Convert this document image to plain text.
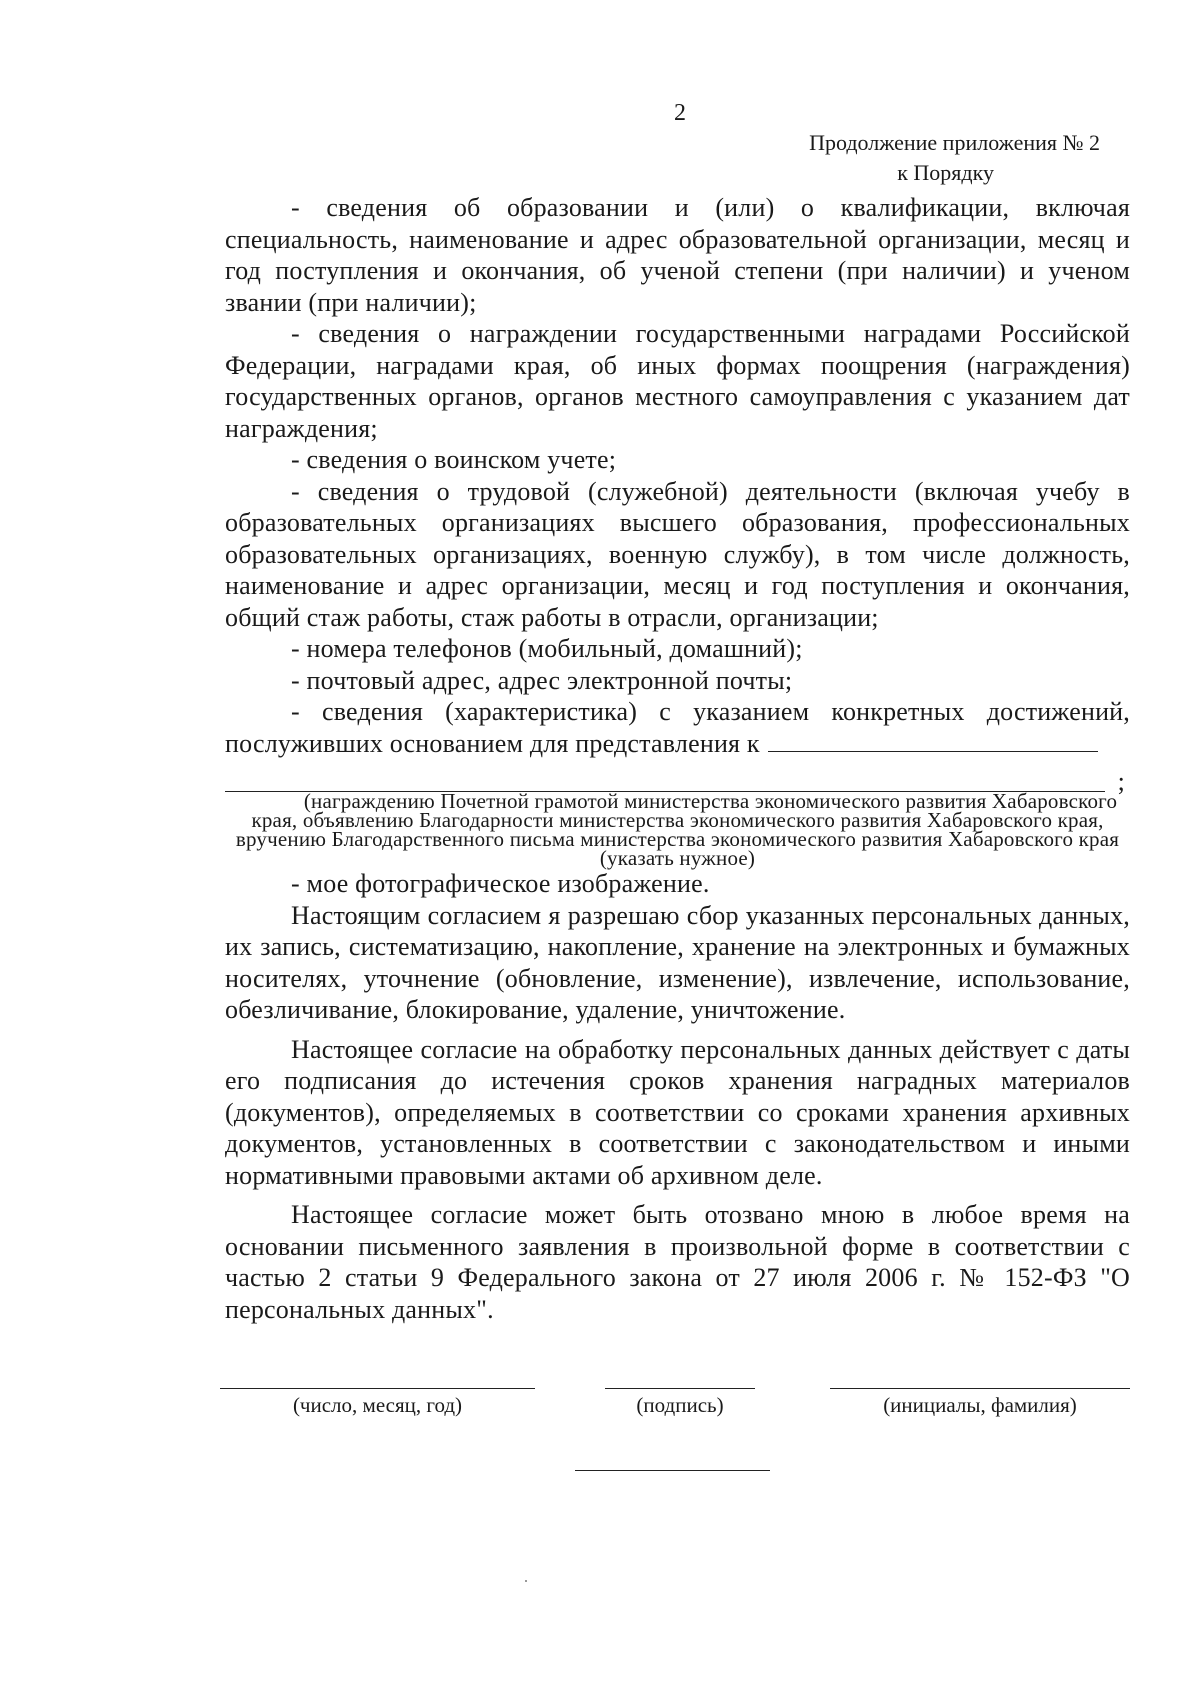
2
Продолжение приложения № 2
к Порядку

- сведения об образовании и (или) о квалификации, включая специальность, наименование и адрес образовательной организации, месяц и год поступления и окончания, об ученой степени (при наличии) и ученом звании (при наличии);

- сведения о награждении государственными наградами Российской Федерации, наградами края, об иных формах поощрения (награждения) государственных органов, органов местного самоуправления с указанием дат награждения;

- сведения о воинском учете;

- сведения о трудовой (служебной) деятельности (включая учебу в образовательных организациях высшего образования, профессиональных образовательных организациях, военную службу), в том числе должность, наименование и адрес организации, месяц и год поступления и окончания, общий стаж работы, стаж работы в отрасли, организации;

- номера телефонов (мобильный, домашний);

- почтовый адрес, адрес электронной почты;

- сведения (характеристика) с указанием конкретных достижений, послуживших основанием для представления к

;

(награждению Почетной грамотой министерства экономического развития Хабаровского края, объявлению Благодарности министерства экономического развития Хабаровского края, вручению Благодарственного письма министерства экономического развития Хабаровского края (указать нужное)

- мое фотографическое изображение.

Настоящим согласием я разрешаю сбор указанных персональных данных, их запись, систематизацию, накопление, хранение на электронных и бумажных носителях, уточнение (обновление, изменение), извлечение, использование, обезличивание, блокирование, удаление, уничтожение.

Настоящее согласие на обработку персональных данных действует с даты его подписания до истечения сроков хранения наградных материалов (документов), определяемых в соответствии со сроками хранения архивных документов, установленных в соответствии с законодательством и иными нормативными правовыми актами об архивном деле.

Настоящее согласие может быть отозвано мною в любое время на основании письменного заявления в произвольной форме в соответствии с частью 2 статьи 9 Федерального закона от 27 июля 2006 г. № 152-ФЗ "О персональных данных".

(число, месяц, год)	(подпись)	(инициалы, фамилия)
